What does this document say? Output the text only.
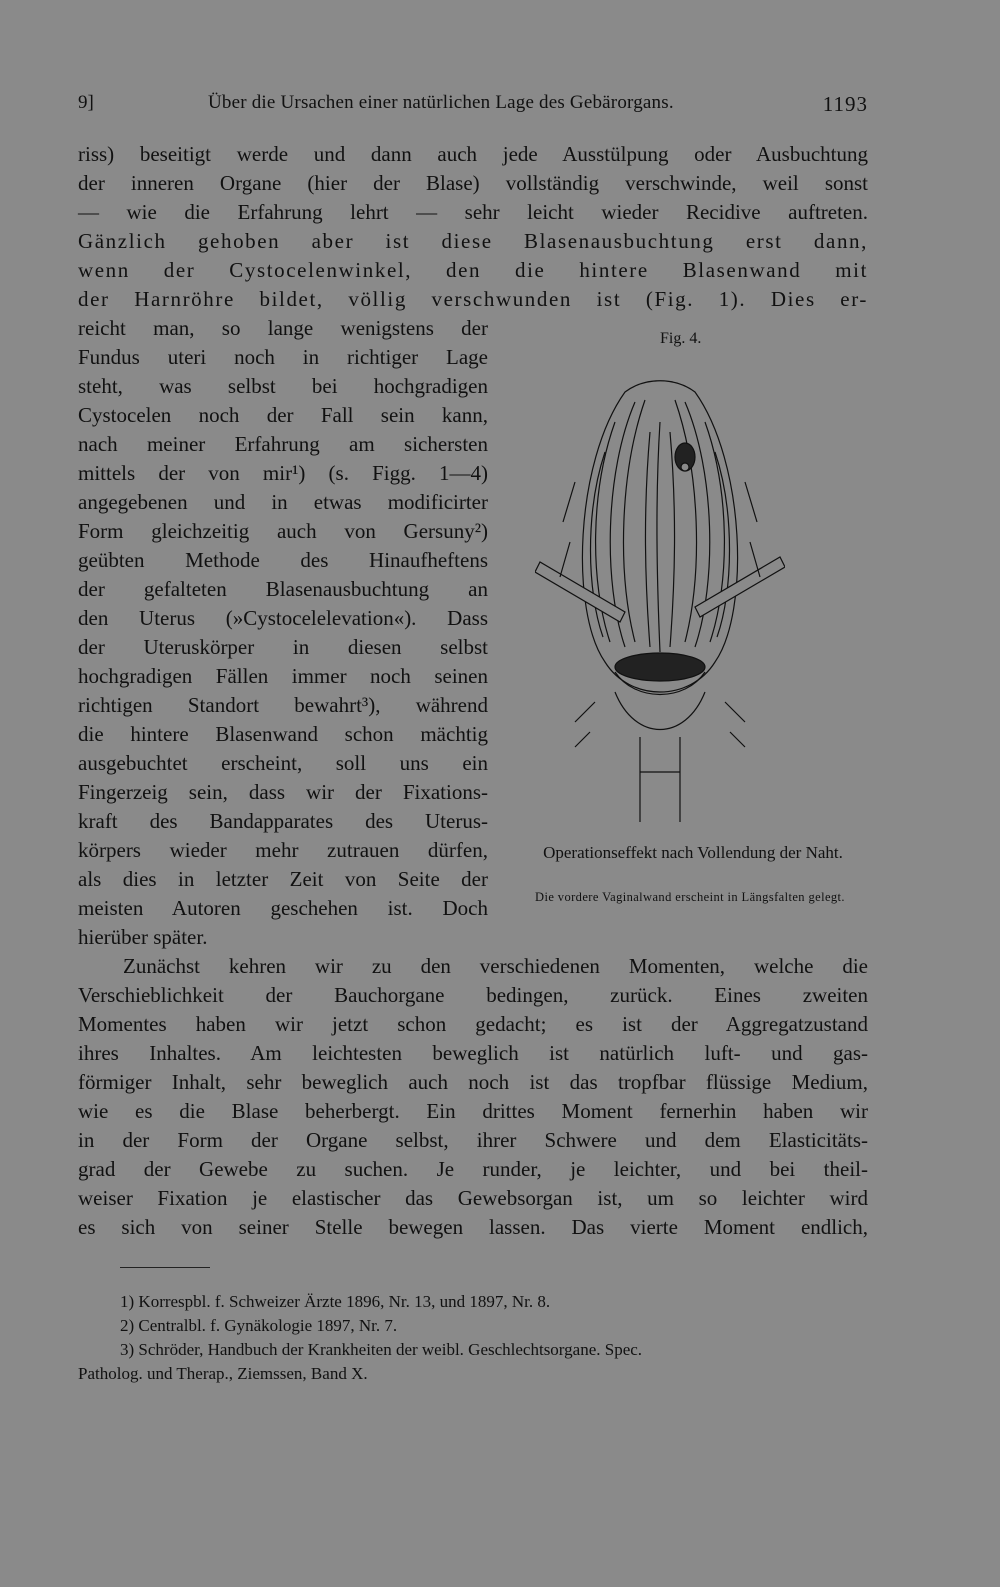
9]	Über die Ursachen einer natürlichen Lage des Gebärorgans.	1193
riss) beseitigt werde und dann auch jede Ausstülpung oder Ausbuchtung
der inneren Organe (hier der Blase) vollständig verschwinde, weil sonst
— wie die Erfahrung lehrt — sehr leicht wieder Recidive auftreten.
Gänzlich gehoben aber ist diese Blasenausbuchtung erst dann,
wenn der Cystocelenwinkel, den die hintere Blasenwand mit
der Harnröhre bildet, völlig verschwunden ist (Fig. 1). Dies er-
reicht man, so lange wenigstens der
Fundus uteri noch in richtiger Lage
steht, was selbst bei hochgradigen
Cystocelen noch der Fall sein kann,
nach meiner Erfahrung am sichersten
mittels der von mir¹) (s. Figg. 1—4)
angegebenen und in etwas modificirter
Form gleichzeitig auch von Gersuny²)
geübten Methode des Hinaufheftens
der gefalteten Blasenausbuchtung an
den Uterus (»Cystocelelevation«). Dass
der Uteruskörper in diesen selbst
hochgradigen Fällen immer noch seinen
richtigen Standort bewahrt³), während
die hintere Blasenwand schon mächtig
ausgebuchtet erscheint, soll uns ein
Fingerzeig sein, dass wir der Fixations-
kraft des Bandapparates des Uterus-
körpers wieder mehr zutrauen dürfen,
als dies in letzter Zeit von Seite der
meisten Autoren geschehen ist. Doch
hierüber später.
Fig. 4.
Operationseffekt nach Vollendung der Naht.
Die vordere Vaginalwand erscheint in Längsfalten gelegt.
Zunächst kehren wir zu den verschiedenen Momenten, welche die
Verschieblichkeit der Bauchorgane bedingen, zurück. Eines zweiten
Momentes haben wir jetzt schon gedacht; es ist der Aggregatzustand
ihres Inhaltes. Am leichtesten beweglich ist natürlich luft- und gas-
förmiger Inhalt, sehr beweglich auch noch ist das tropfbar flüssige Medium,
wie es die Blase beherbergt. Ein drittes Moment fernerhin haben wir
in der Form der Organe selbst, ihrer Schwere und dem Elasticitäts-
grad der Gewebe zu suchen. Je runder, je leichter, und bei theil-
weiser Fixation je elastischer das Gewebsorgan ist, um so leichter wird
es sich von seiner Stelle bewegen lassen. Das vierte Moment endlich,
1) Korrespbl. f. Schweizer Ärzte 1896, Nr. 13, und 1897, Nr. 8.
2) Centralbl. f. Gynäkologie 1897, Nr. 7.
3) Schröder, Handbuch der Krankheiten der weibl. Geschlechtsorgane. Spec.
Patholog. und Therap., Ziemssen, Band X.
